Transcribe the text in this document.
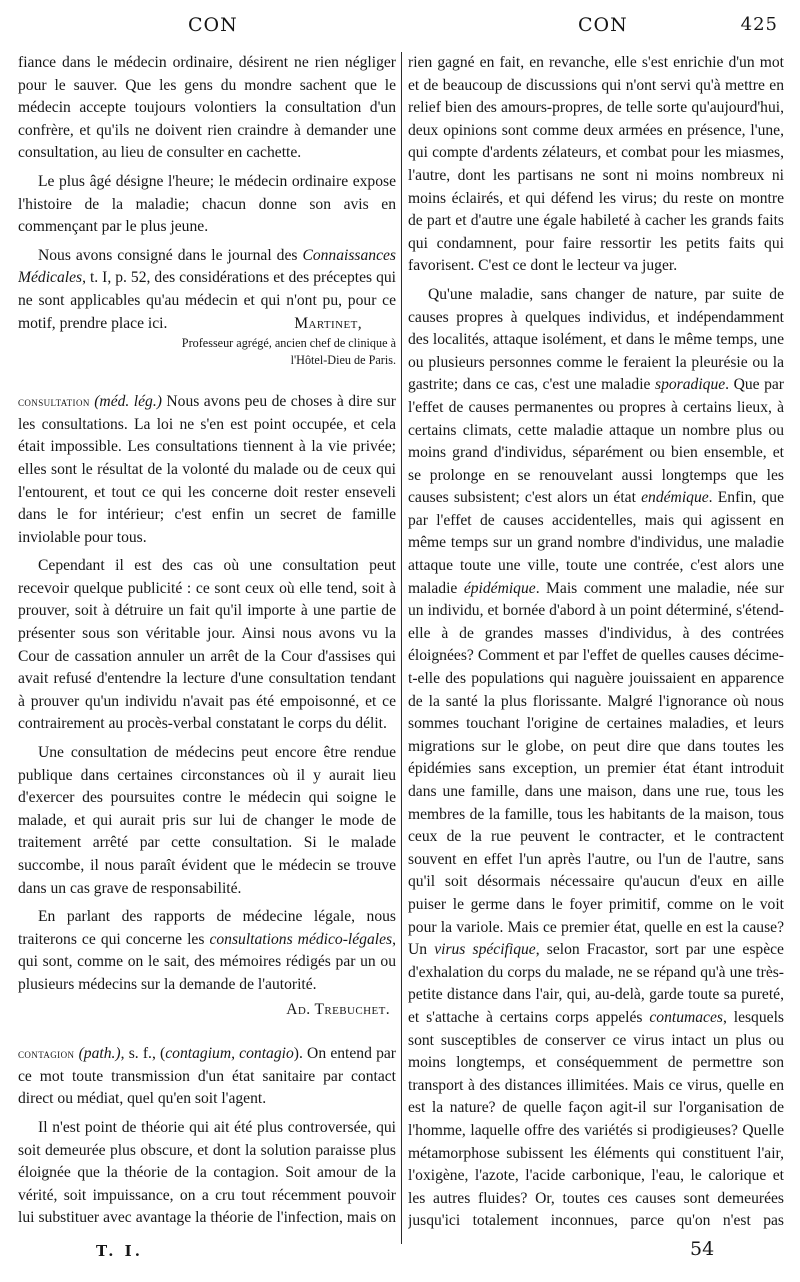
CON	CON	425

fiance dans le médecin ordinaire, désirent ne rien négliger pour le sauver. Que les gens du mondre sachent que le médecin accepte toujours volontiers la consultation d'un confrère, et qu'ils ne doivent rien craindre à demander une consultation, au lieu de consulter en cachette.

Le plus âgé désigne l'heure; le médecin ordinaire expose l'histoire de la maladie; chacun donne son avis en commençant par le plus jeune.

Nous avons consigné dans le journal des Connaissances Médicales, t. I, p. 52, des considérations et des préceptes qui ne sont applicables qu'au médecin et qui n'ont pu, pour ce motif, prendre place ici.	Martinet,

Professeur agrégé, ancien chef de clinique à

l'Hôtel-Dieu de Paris.

consultation (méd. lég.) Nous avons peu de choses à dire sur les consultations. La loi ne s'en est point occupée, et cela était impossible. Les consultations tiennent à la vie privée; elles sont le résultat de la volonté du malade ou de ceux qui l'entourent, et tout ce qui les concerne doit rester enseveli dans le for intérieur; c'est enfin un secret de famille inviolable pour tous.

Cependant il est des cas où une consultation peut recevoir quelque publicité : ce sont ceux où elle tend, soit à prouver, soit à détruire un fait qu'il importe à une partie de présenter sous son véritable jour. Ainsi nous avons vu la Cour de cassation annuler un arrêt de la Cour d'assises qui avait refusé d'entendre la lecture d'une consultation tendant à prouver qu'un individu n'avait pas été empoisonné, et ce contrairement au procès-verbal constatant le corps du délit.

Une consultation de médecins peut encore être rendue publique dans certaines circonstances où il y aurait lieu d'exercer des poursuites contre le médecin qui soigne le malade, et qui aurait pris sur lui de changer le mode de traitement arrêté par cette consultation. Si le malade succombe, il nous paraît évident que le médecin se trouve dans un cas grave de responsabilité.

En parlant des rapports de médecine légale, nous traiterons ce qui concerne les consultations médico-légales, qui sont, comme on le sait, des mémoires rédigés par un ou plusieurs médecins sur la demande de l'autorité.

Ad. Trebuchet.

contagion (path.), s. f., (contagium, contagio). On entend par ce mot toute transmission d'un état sanitaire par contact direct ou médiat, quel qu'en soit l'agent.

Il n'est point de théorie qui ait été plus controversée, qui soit demeurée plus obscure, et dont la solution paraisse plus éloignée que la théorie de la contagion. Soit amour de la vérité, soit impuissance, on a cru tout récemment pouvoir lui substituer avec avantage la théorie de l'infection, mais on

rien gagné en fait, en revanche, elle s'est enrichie d'un mot et de beaucoup de discussions qui n'ont servi qu'à mettre en relief bien des amours-propres, de telle sorte qu'aujourd'hui, deux opinions sont comme deux armées en présence, l'une, qui compte d'ardents zélateurs, et combat pour les miasmes, l'autre, dont les partisans ne sont ni moins nombreux ni moins éclairés, et qui défend les virus; du reste on montre de part et d'autre une égale habileté à cacher les grands faits qui condamnent, pour faire ressortir les petits faits qui favorisent. C'est ce dont le lecteur va juger.

Qu'une maladie, sans changer de nature, par suite de causes propres à quelques individus, et indépendamment des localités, attaque isolément, et dans le même temps, une ou plusieurs personnes comme le feraient la pleurésie ou la gastrite; dans ce cas, c'est une maladie sporadique. Que par l'effet de causes permanentes ou propres à certains lieux, à certains climats, cette maladie attaque un nombre plus ou moins grand d'individus, séparément ou bien ensemble, et se prolonge en se renouvelant aussi longtemps que les causes subsistent; c'est alors un état endémique. Enfin, que par l'effet de causes accidentelles, mais qui agissent en même temps sur un grand nombre d'individus, une maladie attaque toute une ville, toute une contrée, c'est alors une maladie épidémique. Mais comment une maladie, née sur un individu, et bornée d'abord à un point déterminé, s'étend-elle à de grandes masses d'individus, à des contrées éloignées? Comment et par l'effet de quelles causes décime-t-elle des populations qui naguère jouissaient en apparence de la santé la plus florissante. Malgré l'ignorance où nous sommes touchant l'origine de certaines maladies, et leurs migrations sur le globe, on peut dire que dans toutes les épidémies sans exception, un premier état étant introduit dans une famille, dans une maison, dans une rue, tous les membres de la famille, tous les habitants de la maison, tous ceux de la rue peuvent le contracter, et le contractent souvent en effet l'un après l'autre, ou l'un de l'autre, sans qu'il soit désormais nécessaire qu'aucun d'eux en aille puiser le germe dans le foyer primitif, comme on le voit pour la variole. Mais ce premier état, quelle en est la cause? Un virus spécifique, selon Fracastor, sort par une espèce d'exhalation du corps du malade, ne se répand qu'à une très-petite distance dans l'air, qui, au-delà, garde toute sa pureté, et s'attache à certains corps appelés contumaces, lesquels sont susceptibles de conserver ce virus intact un plus ou moins longtemps, et conséquemment de permettre son transport à des distances illimitées. Mais ce virus, quelle en est la nature? de quelle façon agit-il sur l'organisation de l'homme, laquelle offre des variétés si prodigieuses? Quelle métamorphose subissent les éléments qui constituent l'air, l'oxigène, l'azote, l'acide carbonique, l'eau, le calorique et les autres fluides? Or, toutes ces causes sont demeurées jusqu'ici totalement inconnues, parce qu'on n'est pas

T. I.	54
